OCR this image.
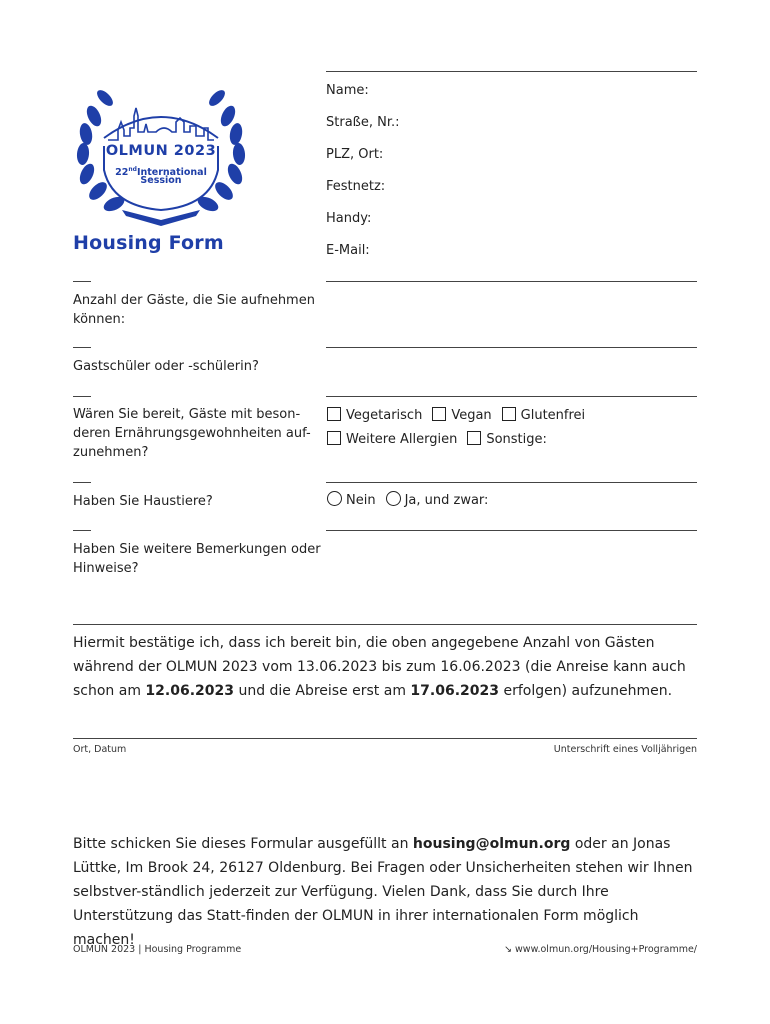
OLMUN 2023
22ndInternational
Session
Housing Form
Name:
Straße, Nr.:
PLZ, Ort:
Festnetz:
Handy:
E-Mail:
Anzahl der Gäste, die Sie aufnehmen können:
Gastschüler oder -schülerin?
Wären Sie bereit, Gäste mit beson-deren Ernährungsgewohnheiten auf-zunehmen?
Vegetarisch Vegan Glutenfrei
Weitere Allergien Sonstige:
Haben Sie Haustiere?	Nein Ja, und zwar:
Haben Sie weitere Bemerkungen oder Hinweise?
Hiermit bestätige ich, dass ich bereit bin, die oben angegebene Anzahl von Gästen während der OLMUN 2023 vom 13.06.2023 bis zum 16.06.2023 (die Anreise kann auch schon am 12.06.2023 und die Abreise erst am 17.06.2023 erfolgen) aufzunehmen.
Ort, Datum	Unterschrift eines Volljährigen
Bitte schicken Sie dieses Formular ausgefüllt an housing@olmun.org oder an Jonas Lüttke, Im Brook 24, 26127 Oldenburg. Bei Fragen oder Unsicherheiten stehen wir Ihnen selbstver-ständlich jederzeit zur Verfügung. Vielen Dank, dass Sie durch Ihre Unterstützung das Statt-finden der OLMUN in ihrer internationalen Form möglich machen!
OLMUN 2023 | Housing Programme	↘ www.olmun.org/Housing+Programme/
